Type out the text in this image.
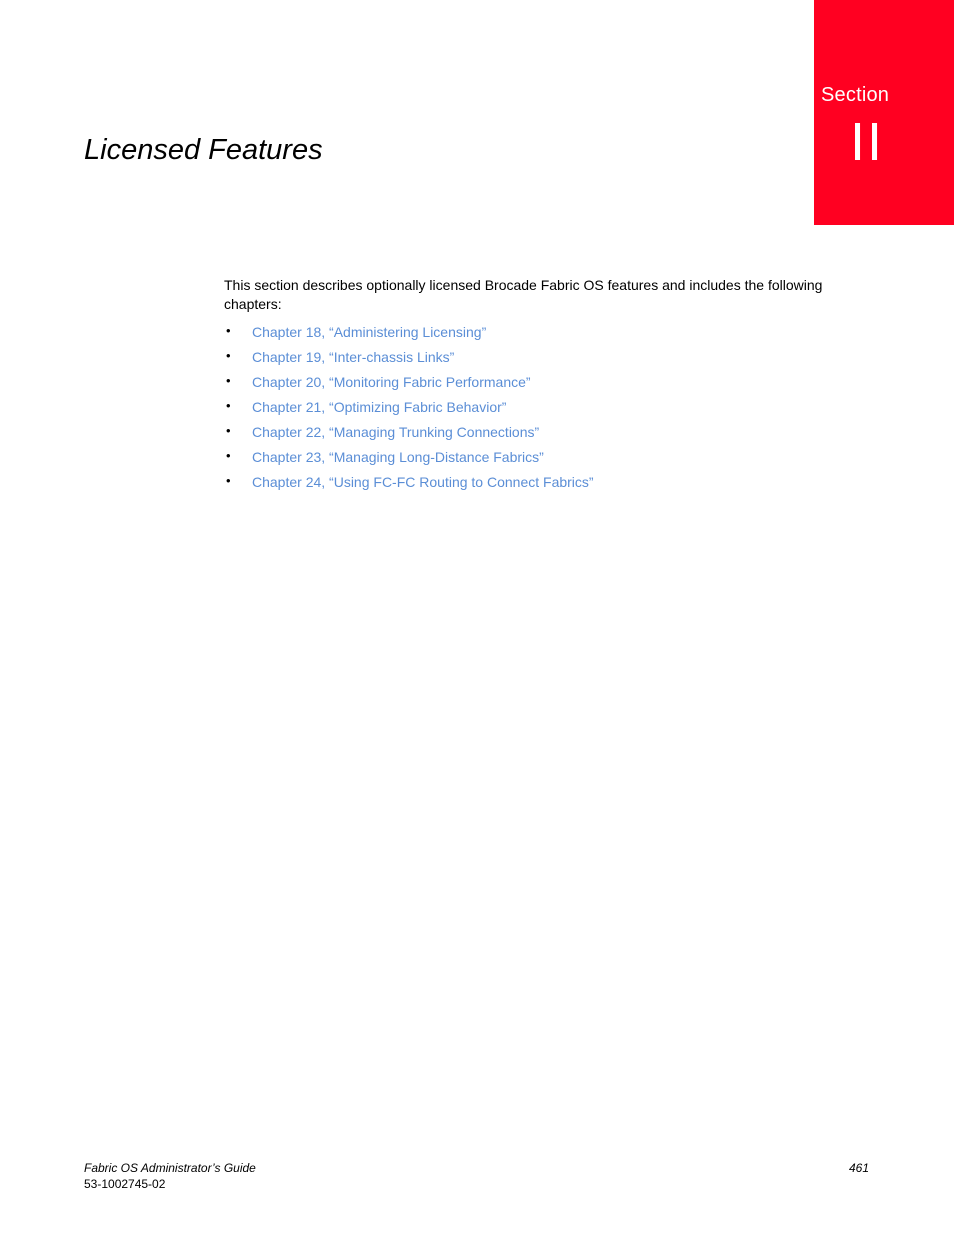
Section
II
Licensed Features

This section describes optionally licensed Brocade Fabric OS features and includes the following chapters:

• Chapter 18, “Administering Licensing”
• Chapter 19, “Inter-chassis Links”
• Chapter 20, “Monitoring Fabric Performance”
• Chapter 21, “Optimizing Fabric Behavior”
• Chapter 22, “Managing Trunking Connections”
• Chapter 23, “Managing Long-Distance Fabrics”
• Chapter 24, “Using FC-FC Routing to Connect Fabrics”
Fabric OS Administrator’s Guide
53-1002745-02
461
